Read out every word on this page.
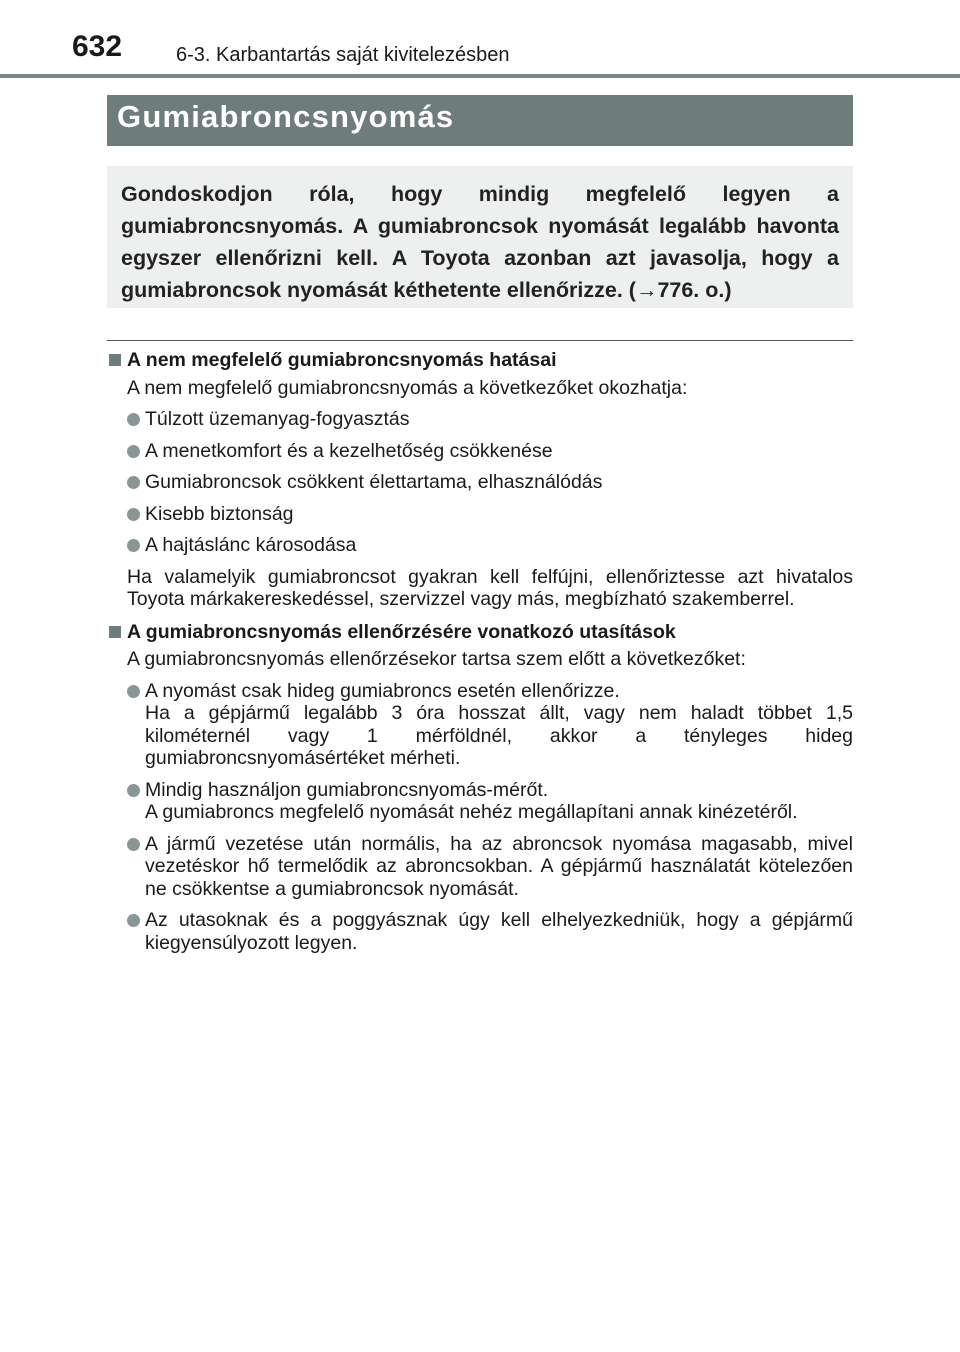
632	6-3. Karbantartás saját kivitelezésben
Gumiabroncsnyomás

Gondoskodjon róla, hogy mindig megfelelő legyen a gumiabroncsnyomás. A gumiabroncsok nyomását legalább havonta egyszer ellenőrizni kell. A Toyota azonban azt javasolja, hogy a gumiabroncsok nyomását kéthetente ellenőrizze. (→776. o.)

A nem megfelelő gumiabroncsnyomás hatásai
A nem megfelelő gumiabroncsnyomás a következőket okozhatja:
Túlzott üzemanyag-fogyasztás
A menetkomfort és a kezelhetőség csökkenése
Gumiabroncsok csökkent élettartama, elhasználódás
Kisebb biztonság
A hajtáslánc károsodása
Ha valamelyik gumiabroncsot gyakran kell felfújni, ellenőriztesse azt hivatalos Toyota márkakereskedéssel, szervizzel vagy más, megbízható szakemberrel.
A gumiabroncsnyomás ellenőrzésére vonatkozó utasítások
A gumiabroncsnyomás ellenőrzésekor tartsa szem előtt a következőket:
A nyomást csak hideg gumiabroncs esetén ellenőrizze.
Ha a gépjármű legalább 3 óra hosszat állt, vagy nem haladt többet 1,5 kilométernél vagy 1 mérföldnél, akkor a tényleges hideg gumiabroncsnyomásértéket mérheti.
Mindig használjon gumiabroncsnyomás-mérőt.
A gumiabroncs megfelelő nyomását nehéz megállapítani annak kinézetéről.
A jármű vezetése után normális, ha az abroncsok nyomása magasabb, mivel vezetéskor hő termelődik az abroncsokban. A gépjármű használatát kötelezően ne csökkentse a gumiabroncsok nyomását.
Az utasoknak és a poggyásznak úgy kell elhelyezkedniük, hogy a gépjármű kiegyensúlyozott legyen.
